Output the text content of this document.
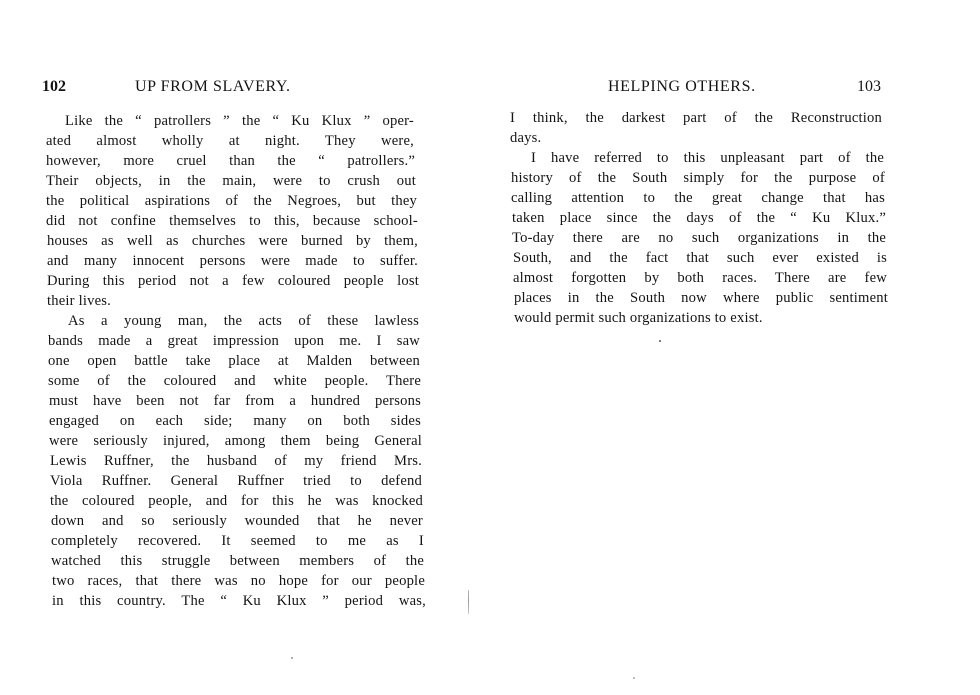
102	UP FROM SLAVERY.
Like the “ patrollers ” the “ Ku Klux ” oper-
ated almost wholly at night. They were,
however, more cruel than the “ patrollers.”
Their objects, in the main, were to crush out
the political aspirations of the Negroes, but they
did not confine themselves to this, because school-
houses as well as churches were burned by them,
and many innocent persons were made to suffer.
During this period not a few coloured people lost
their lives.
As a young man, the acts of these lawless
bands made a great impression upon me. I saw
one open battle take place at Malden between
some of the coloured and white people. There
must have been not far from a hundred persons
engaged on each side; many on both sides
were seriously injured, among them being General
Lewis Ruffner, the husband of my friend Mrs.
Viola Ruffner. General Ruffner tried to defend
the coloured people, and for this he was knocked
down and so seriously wounded that he never
completely recovered. It seemed to me as I
watched this struggle between members of the
two races, that there was no hope for our people
in this country. The “ Ku Klux ” period was,
HELPING OTHERS.	103
I think, the darkest part of the Reconstruction
days.
I have referred to this unpleasant part of the
history of the South simply for the purpose of
calling attention to the great change that has
taken place since the days of the “ Ku Klux.”
To-day there are no such organizations in the
South, and the fact that such ever existed is
almost forgotten by both races. There are few
places in the South now where public sentiment
would permit such organizations to exist.
